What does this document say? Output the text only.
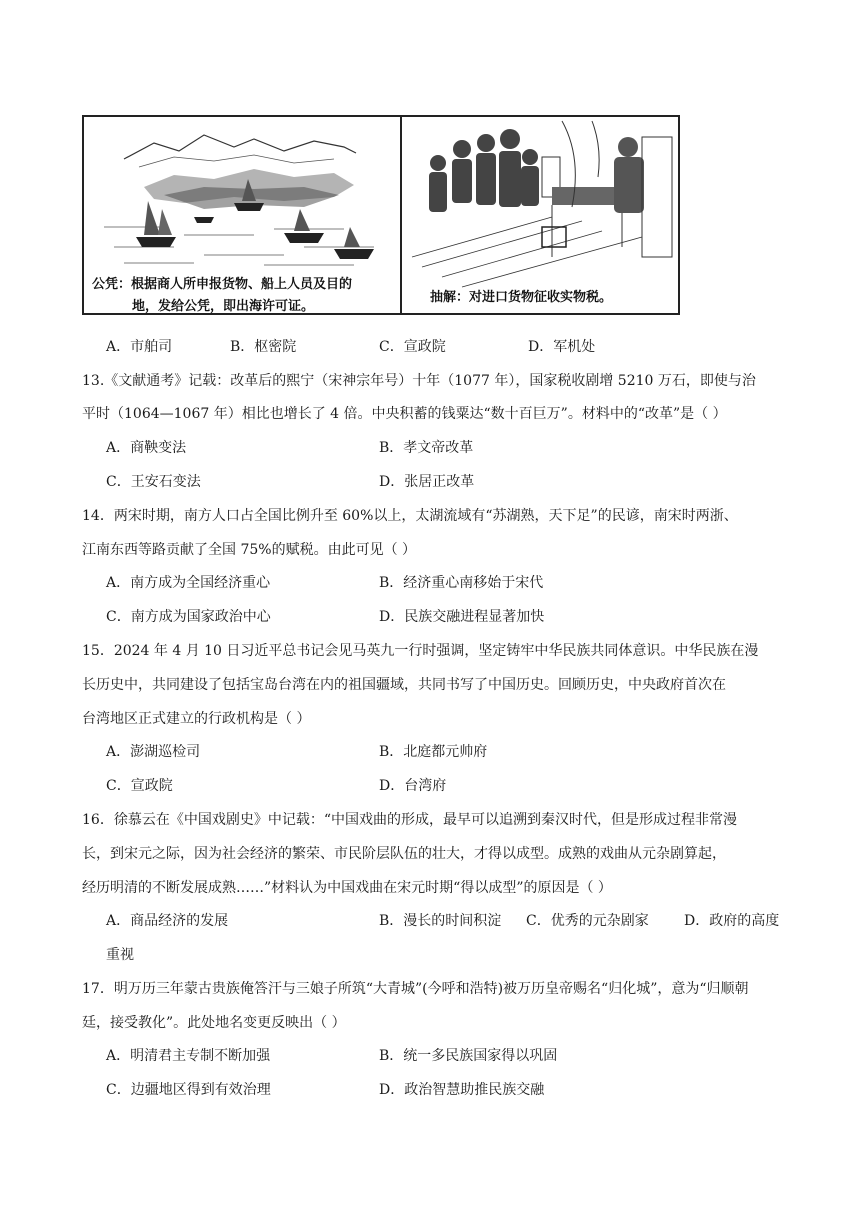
公凭：根据商人所申报货物、船上人员及目的
地，发给公凭，即出海许可证。
抽解：对进口货物征收实物税。
A．市舶司	B．枢密院	C．宣政院	D．军机处
13.《文献通考》记载：改革后的熙宁（宋神宗年号）十年（1077 年），国家税收剧增 5210 万石，即使与治
平时（1064—1067 年）相比也增长了 4 倍。中央积蓄的钱粟达“数十百巨万”。材料中的“改革”是（ ）
A．商鞅变法	B．孝文帝改革
C．王安石变法	D．张居正改革
14．两宋时期，南方人口占全国比例升至 60%以上，太湖流域有“苏湖熟，天下足”的民谚，南宋时两浙、
江南东西等路贡献了全国 75%的赋税。由此可见（ ）
A．南方成为全国经济重心	B．经济重心南移始于宋代
C．南方成为国家政治中心	D．民族交融进程显著加快
15．2024 年 4 月 10 日习近平总书记会见马英九一行时强调，坚定铸牢中华民族共同体意识。中华民族在漫
长历史中，共同建设了包括宝岛台湾在内的祖国疆域，共同书写了中国历史。回顾历史，中央政府首次在
台湾地区正式建立的行政机构是（ ）
A．澎湖巡检司	B．北庭都元帅府
C．宣政院	D．台湾府
16．徐慕云在《中国戏剧史》中记载：“中国戏曲的形成，最早可以追溯到秦汉时代，但是形成过程非常漫
长，到宋元之际，因为社会经济的繁荣、市民阶层队伍的壮大，才得以成型。成熟的戏曲从元杂剧算起，
经历明清的不断发展成熟……”材料认为中国戏曲在宋元时期“得以成型”的原因是（ ）
A．商品经济的发展	B．漫长的时间积淀 C．优秀的元杂剧家	D．政府的高度
重视
17．明万历三年蒙古贵族俺答汗与三娘子所筑“大青城”(今呼和浩特)被万历皇帝赐名“归化城”，意为“归顺朝
廷，接受教化”。此处地名变更反映出（ ）
A．明清君主专制不断加强	B．统一多民族国家得以巩固
C．边疆地区得到有效治理	D．政治智慧助推民族交融
